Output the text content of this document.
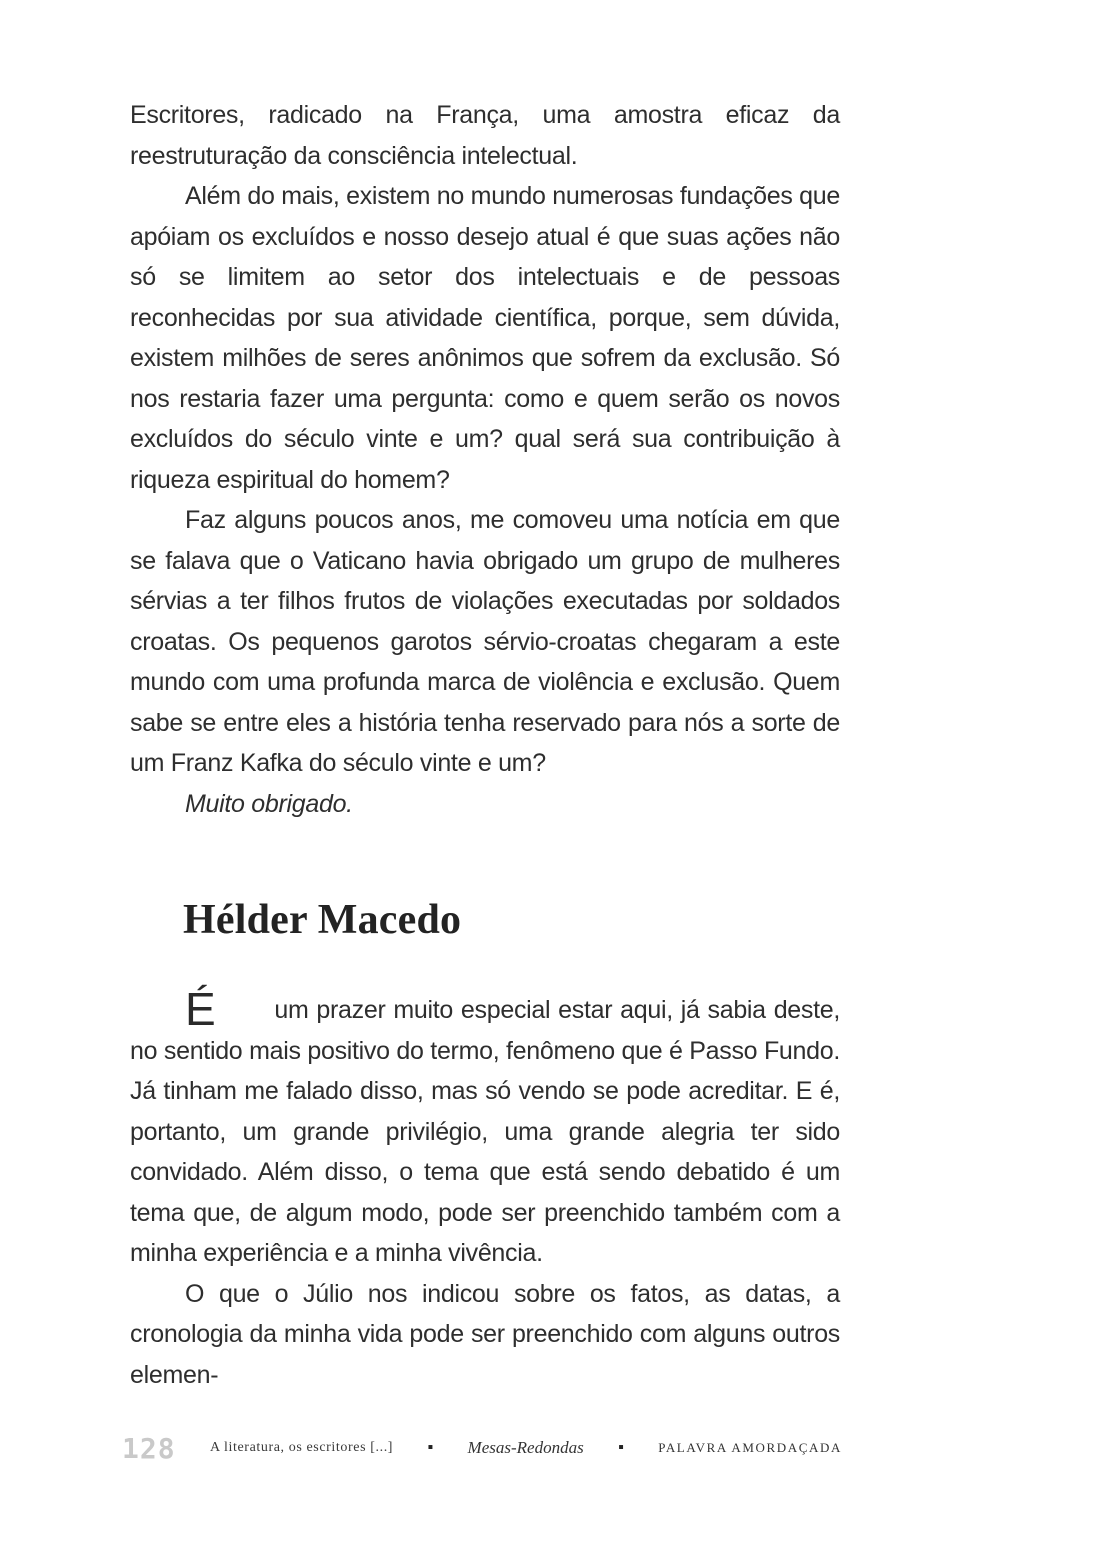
Escritores, radicado na França, uma amostra eficaz da reestruturação da consciência intelectual.

Além do mais, existem no mundo numerosas fundações que apóiam os excluídos e nosso desejo atual é que suas ações não só se limitem ao setor dos intelectuais e de pessoas reconhecidas por sua atividade científica, porque, sem dúvida, existem milhões de seres anônimos que sofrem da exclusão. Só nos restaria fazer uma pergunta: como e quem serão os novos excluídos do século vinte e um? qual será sua contribuição à riqueza espiritual do homem?

Faz alguns poucos anos, me comoveu uma notícia em que se falava que o Vaticano havia obrigado um grupo de mulheres sérvias a ter filhos frutos de violações executadas por soldados croatas. Os pequenos garotos sérvio-croatas chegaram a este mundo com uma profunda marca de violência e exclusão. Quem sabe se entre eles a história tenha reservado para nós a sorte de um Franz Kafka do século vinte e um?

Muito obrigado.

Hélder Macedo

É um prazer muito especial estar aqui, já sabia deste, no sentido mais positivo do termo, fenômeno que é Passo Fundo. Já tinham me falado disso, mas só vendo se pode acreditar. E é, portanto, um grande privilégio, uma grande alegria ter sido convidado. Além disso, o tema que está sendo debatido é um tema que, de algum modo, pode ser preenchido também com a minha experiência e a minha vivência.

O que o Júlio nos indicou sobre os fatos, as datas, a cronologia da minha vida pode ser preenchido com alguns outros elemen-

128 A literatura, os escritores [...] ▪ Mesas-Redondas ▪	PALAVRA AMORDAÇADA
